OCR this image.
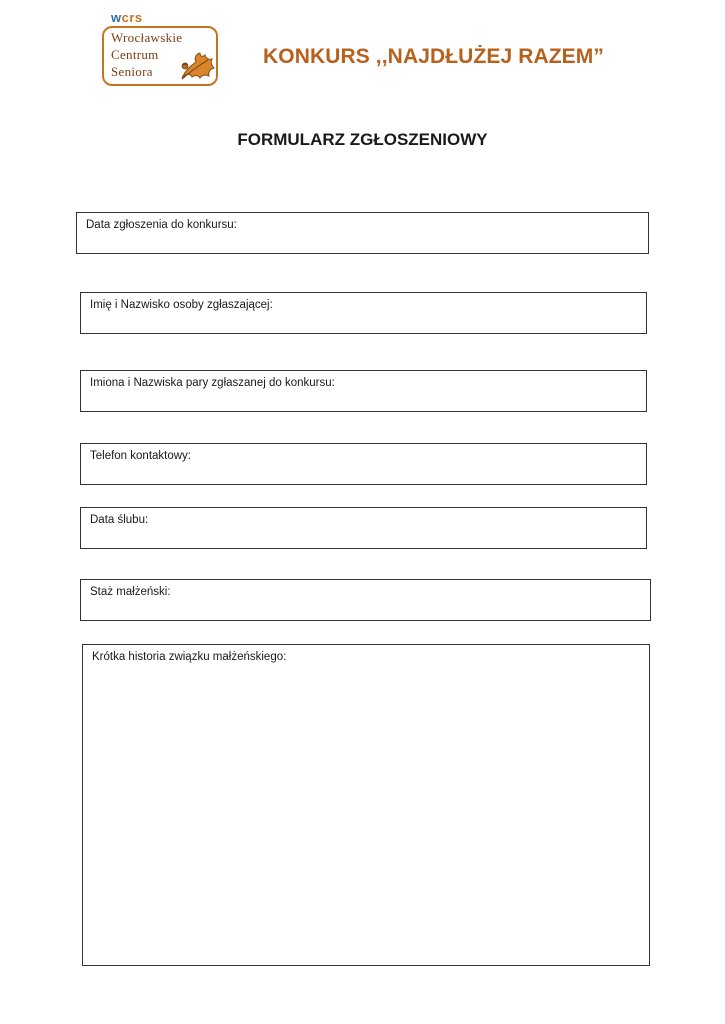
wcrs
Wrocławskie
Centrum
Seniora
KONKURS ,,NAJDŁUŻEJ RAZEM”
FORMULARZ ZGŁOSZENIOWY
Data zgłoszenia do konkursu:
Imię i Nazwisko osoby zgłaszającej:
Imiona i Nazwiska pary zgłaszanej do konkursu:
Telefon kontaktowy:
Data ślubu:
Staż małżeński:
Krótka historia związku małżeńskiego:
